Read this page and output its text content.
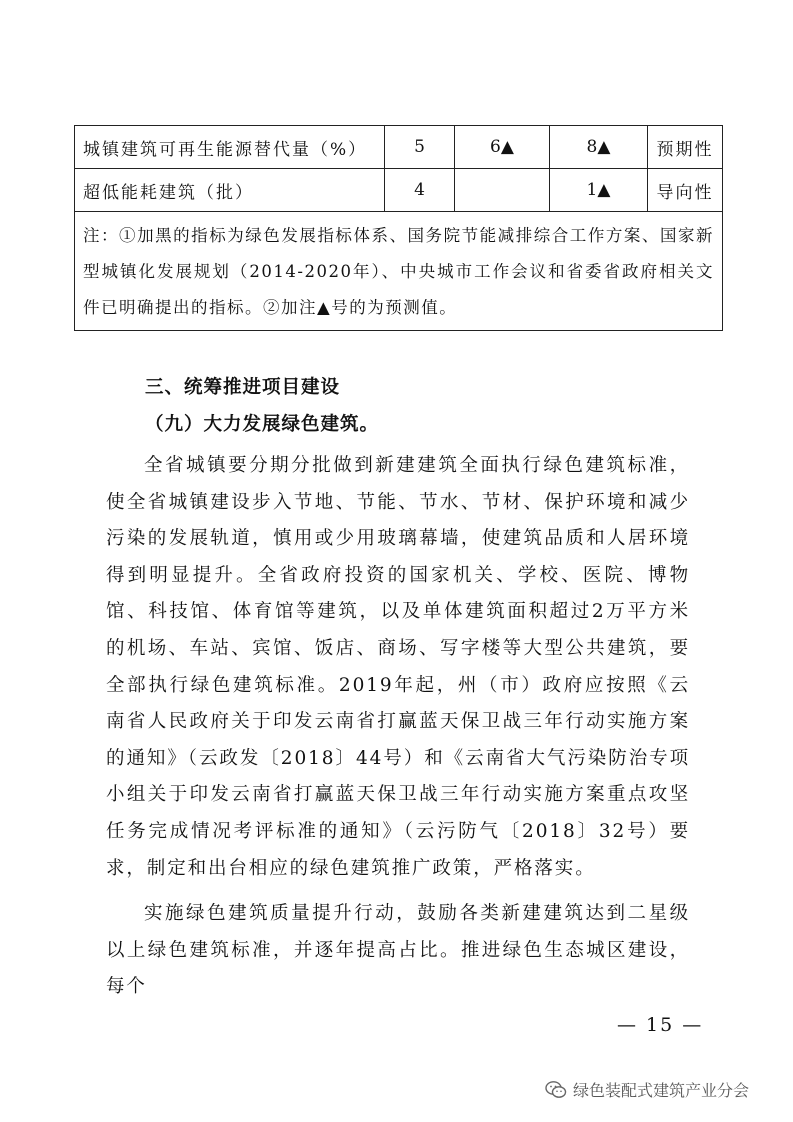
城镇建筑可再生能源替代量（%）	5	6▲	8▲	预期性
超低能耗建筑（批）	4		1▲	导向性
注：①加黑的指标为绿色发展指标体系、国务院节能减排综合工作方案、国家新型城镇化发展规划（2014-2020年）、中央城市工作会议和省委省政府相关文件已明确提出的指标。②加注▲号的为预测值。				
三、统筹推进项目建设
（九）大力发展绿色建筑。

全省城镇要分期分批做到新建建筑全面执行绿色建筑标准，使全省城镇建设步入节地、节能、节水、节材、保护环境和减少污染的发展轨道，慎用或少用玻璃幕墙，使建筑品质和人居环境得到明显提升。全省政府投资的国家机关、学校、医院、博物馆、科技馆、体育馆等建筑，以及单体建筑面积超过2万平方米的机场、车站、宾馆、饭店、商场、写字楼等大型公共建筑，要全部执行绿色建筑标准。2019年起，州（市）政府应按照《云南省人民政府关于印发云南省打赢蓝天保卫战三年行动实施方案的通知》（云政发〔2018〕44号）和《云南省大气污染防治专项小组关于印发云南省打赢蓝天保卫战三年行动实施方案重点攻坚任务完成情况考评标准的通知》（云污防气〔2018〕32号）要求，制定和出台相应的绿色建筑推广政策，严格落实。

实施绿色建筑质量提升行动，鼓励各类新建建筑达到二星级以上绿色建筑标准，并逐年提高占比。推进绿色生态城区建设，每个

— 15 —
绿色装配式建筑产业分会
